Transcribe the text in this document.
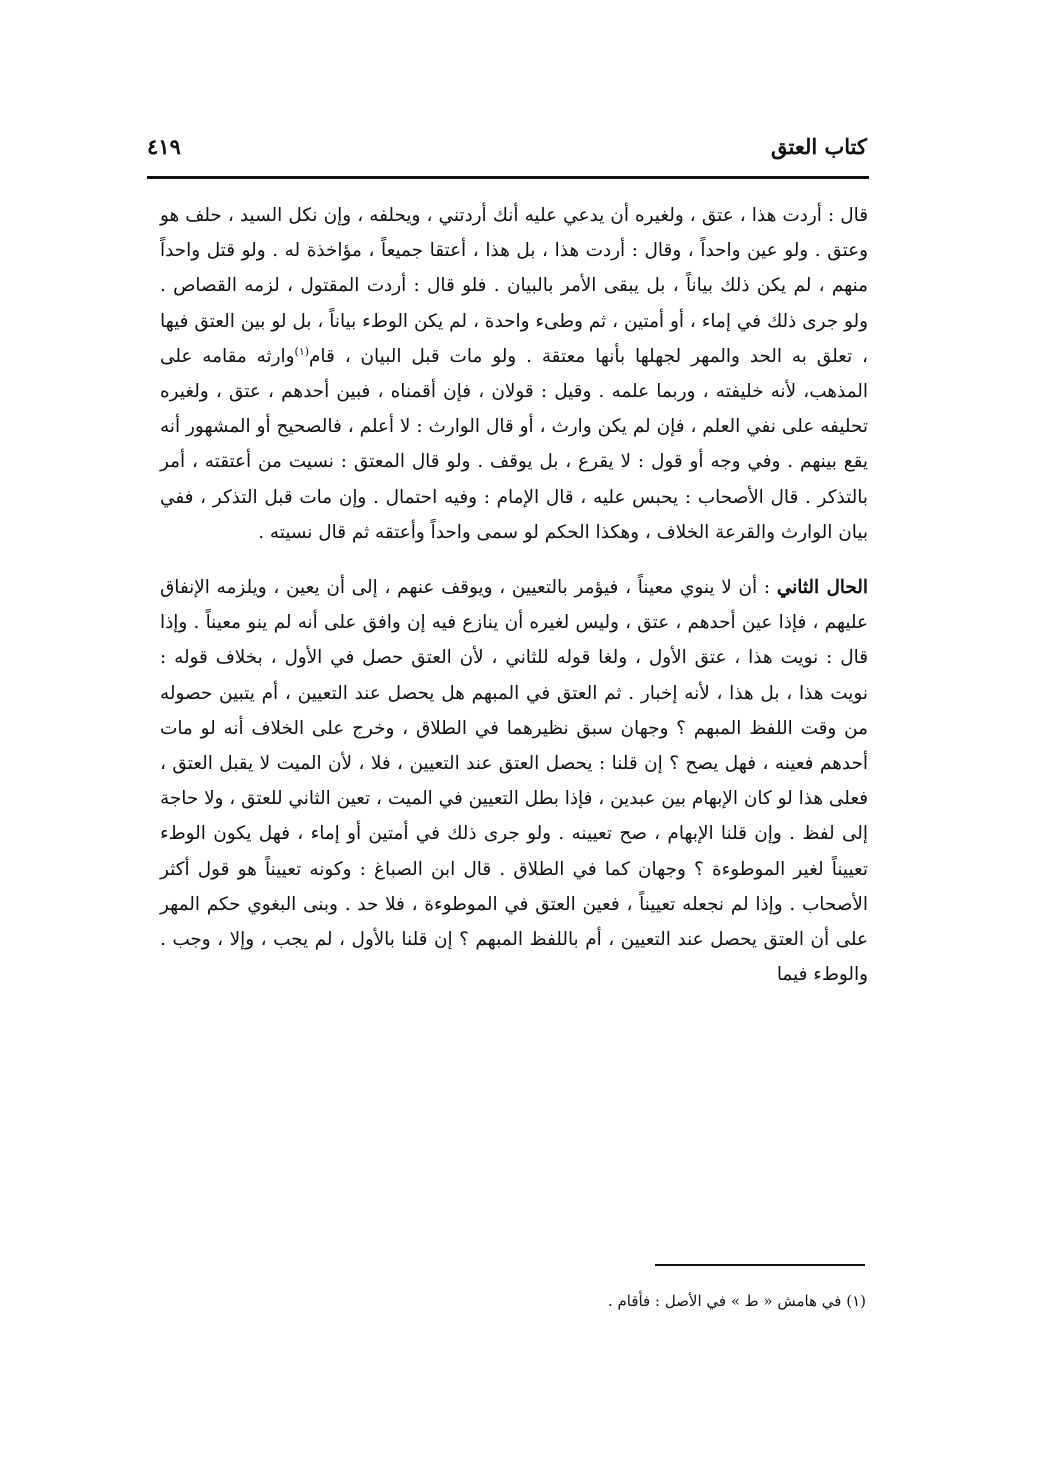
كتاب العتق
٤١٩

قال : أردت هذا ، عتق ، ولغيره أن يدعي عليه أنك أردتني ، ويحلفه ، وإن نكل السيد ، حلف هو وعتق . ولو عين واحداً ، وقال : أردت هذا ، بل هذا ، أعتقا جميعاً ، مؤاخذة له . ولو قتل واحداً منهم ، لم يكن ذلك بياناً ، بل يبقى الأمر بالبيان . فلو قال : أردت المقتول ، لزمه القصاص . ولو جرى ذلك في إماء ، أو أمتين ، ثم وطىء واحدة ، لم يكن الوطء بياناً ، بل لو بين العتق فيها ، تعلق به الحد والمهر لجهلها بأنها معتقة . ولو مات قبل البيان ، قام$^{(١)}$وارثه مقامه على المذهب، لأنه خليفته ، وربما علمه . وقيل : قولان ، فإن أقمناه ، فبين أحدهم ، عتق ، ولغيره تحليفه على نفي العلم ، فإن لم يكن وارث ، أو قال الوارث : لا أعلم ، فالصحيح أو المشهور أنه يقع بينهم . وفي وجه أو قول : لا يقرع ، بل يوقف . ولو قال المعتق : نسيت من أعتقته ، أمر بالتذكر . قال الأصحاب : يحبس عليه ، قال الإمام : وفيه احتمال . وإن مات قبل التذكر ، ففي بيان الوارث والقرعة الخلاف ، وهكذا الحكم لو سمى واحداً وأعتقه ثم قال نسيته .

الحال الثاني : أن لا ينوي معيناً ، فيؤمر بالتعيين ، ويوقف عنهم ، إلى أن يعين ، ويلزمه الإنفاق عليهم ، فإذا عين أحدهم ، عتق ، وليس لغيره أن ينازع فيه إن وافق على أنه لم ينو معيناً . وإذا قال : نويت هذا ، عتق الأول ، ولغا قوله للثاني ، لأن العتق حصل في الأول ، بخلاف قوله : نويت هذا ، بل هذا ، لأنه إخبار . ثم العتق في المبهم هل يحصل عند التعيين ، أم يتبين حصوله من وقت اللفظ المبهم ؟ وجهان سبق نظيرهما في الطلاق ، وخرج على الخلاف أنه لو مات أحدهم فعينه ، فهل يصح ؟ إن قلنا : يحصل العتق عند التعيين ، فلا ، لأن الميت لا يقبل العتق ، فعلى هذا لو كان الإبهام بين عبدين ، فإذا بطل التعيين في الميت ، تعين الثاني للعتق ، ولا حاجة إلى لفظ . وإن قلنا الإبهام ، صح تعيينه . ولو جرى ذلك في أمتين أو إماء ، فهل يكون الوطء تعييناً لغير الموطوءة ؟ وجهان كما في الطلاق . قال ابن الصباغ : وكونه تعييناً هو قول أكثر الأصحاب . وإذا لم نجعله تعييناً ، فعين العتق في الموطوءة ، فلا حد . وبنى البغوي حكم المهر على أن العتق يحصل عند التعيين ، أم باللفظ المبهم ؟ إن قلنا بالأول ، لم يجب ، وإلا ، وجب . والوطء فيما

(١) في هامش « ط » في الأصل : فأقام .
